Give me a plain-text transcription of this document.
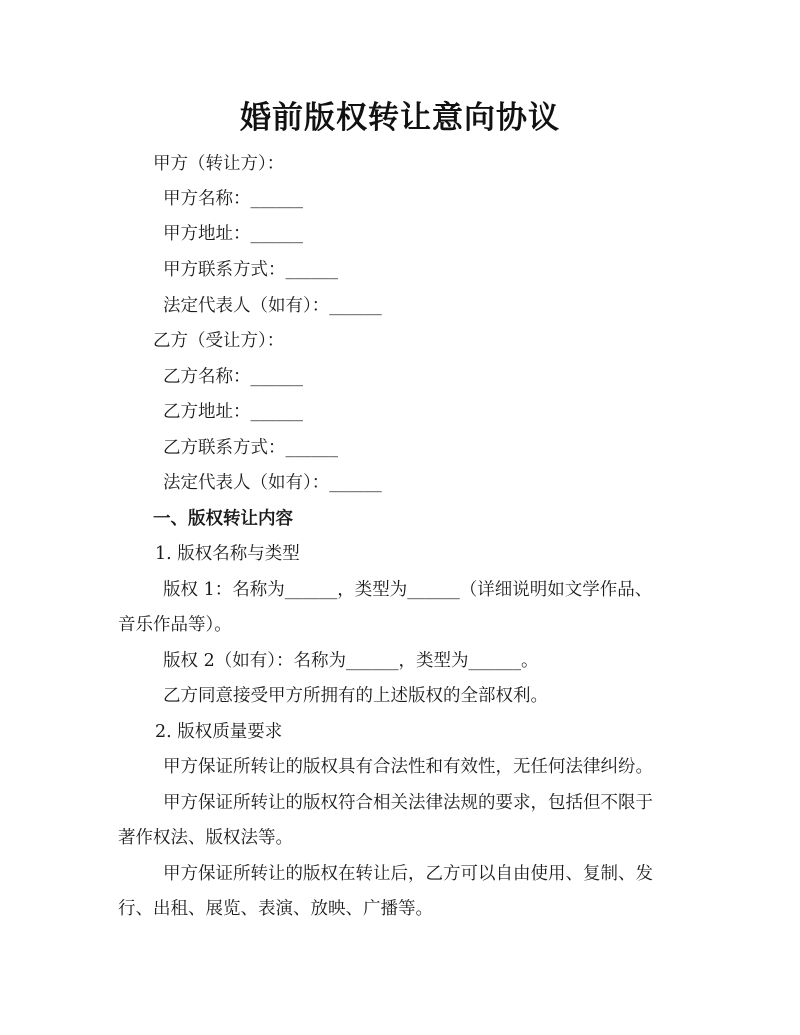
婚前版权转让意向协议
甲方（转让方）：
甲方名称：______
甲方地址：______
甲方联系方式：______
法定代表人（如有）：______
乙方（受让方）：
乙方名称：______
乙方地址：______
乙方联系方式：______
法定代表人（如有）：______
一、版权转让内容
1. 版权名称与类型
版权 1：名称为______，类型为______（详细说明如文学作品、
音乐作品等）。
版权 2（如有）：名称为______，类型为______。
乙方同意接受甲方所拥有的上述版权的全部权利。
2. 版权质量要求
甲方保证所转让的版权具有合法性和有效性，无任何法律纠纷。
甲方保证所转让的版权符合相关法律法规的要求，包括但不限于
著作权法、版权法等。
甲方保证所转让的版权在转让后，乙方可以自由使用、复制、发
行、出租、展览、表演、放映、广播等。
